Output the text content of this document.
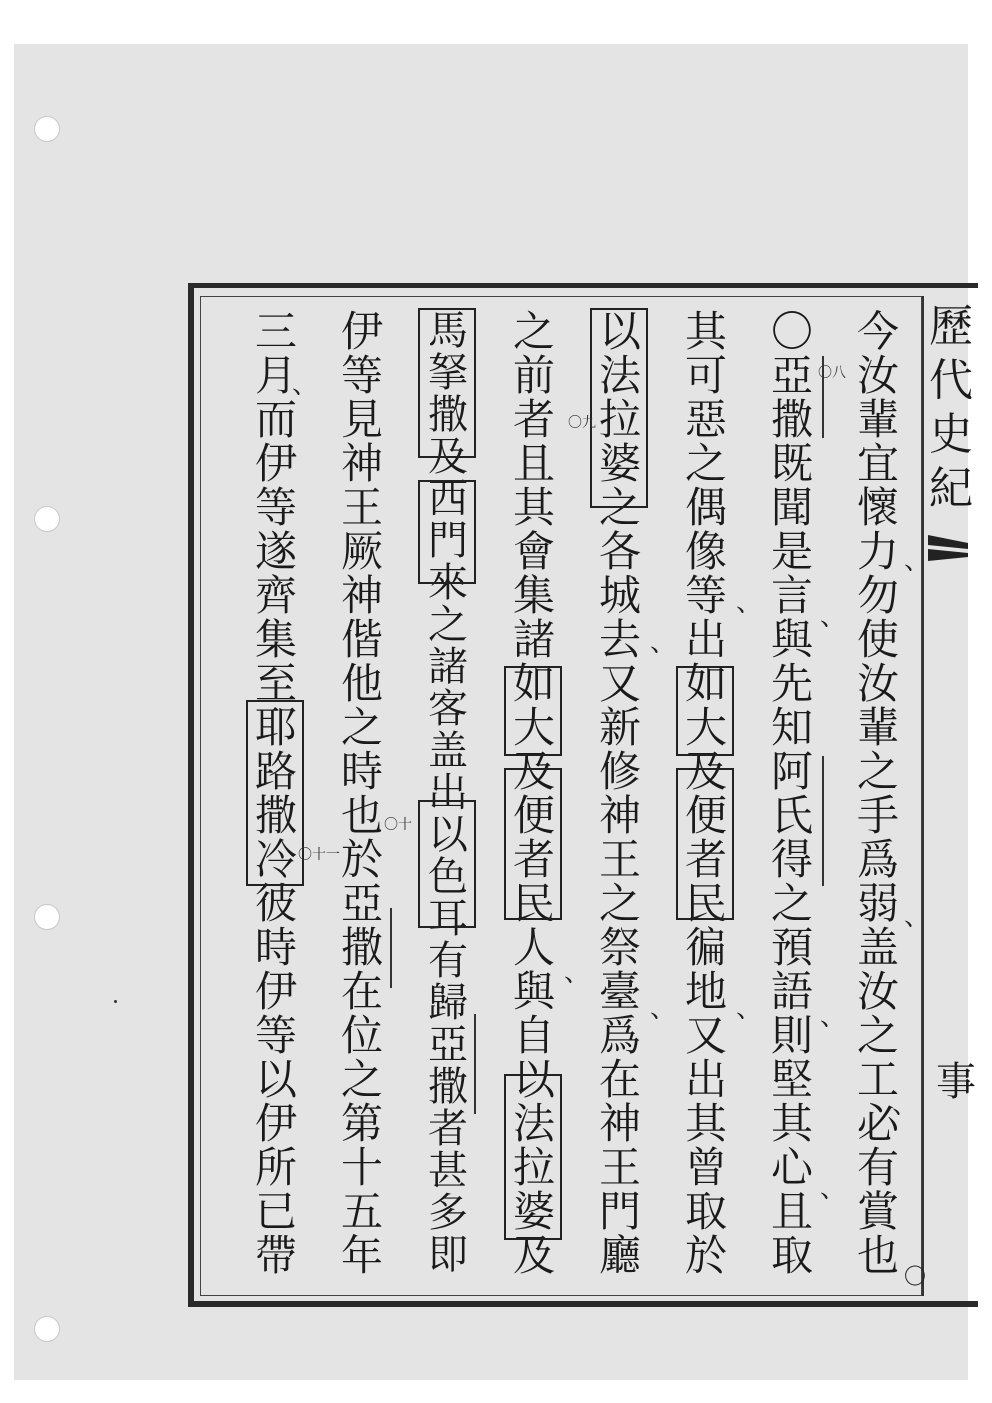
歷
代
史
紀
事
今
汝
輩
宜
懷
力
勿
使
汝
輩
之
手
爲
弱
盖
汝
之
工
必
有
賞
也
〇
亞
撒
既
聞
是
言
與
先
知
阿
氏
得
之
預
語
則
堅
其
心
且
取
其
可
惡
之
偶
像
等
出
如
大
及
便
者
民
徧
地
又
出
其
曾
取
於
以
法
拉
婆
之
各
城
去
又
新
修
神
王
之
祭
臺
爲
在
神
王
門
廳
之
前
者
且
其
會
集
諸
如
大
及
便
者
民
人
與
自
以
法
拉
婆
及
馬
拏
撒
及
西
門
來
之
諸
客
盖
出
以
色
耳
有
歸
亞
撒
者
甚
多
即
伊
等
見
神
王
厥
神
偕
他
之
時
也
於
亞
撒
在
位
之
第
十
五
年
三
月
而
伊
等
遂
齊
集
至
耶
路
撒
冷
彼
時
伊
等
以
伊
所
已
帶
〇八
〇九
〇十
〇十一
、
、
、
、
、
、
、
、
、
、
、
、
〇
